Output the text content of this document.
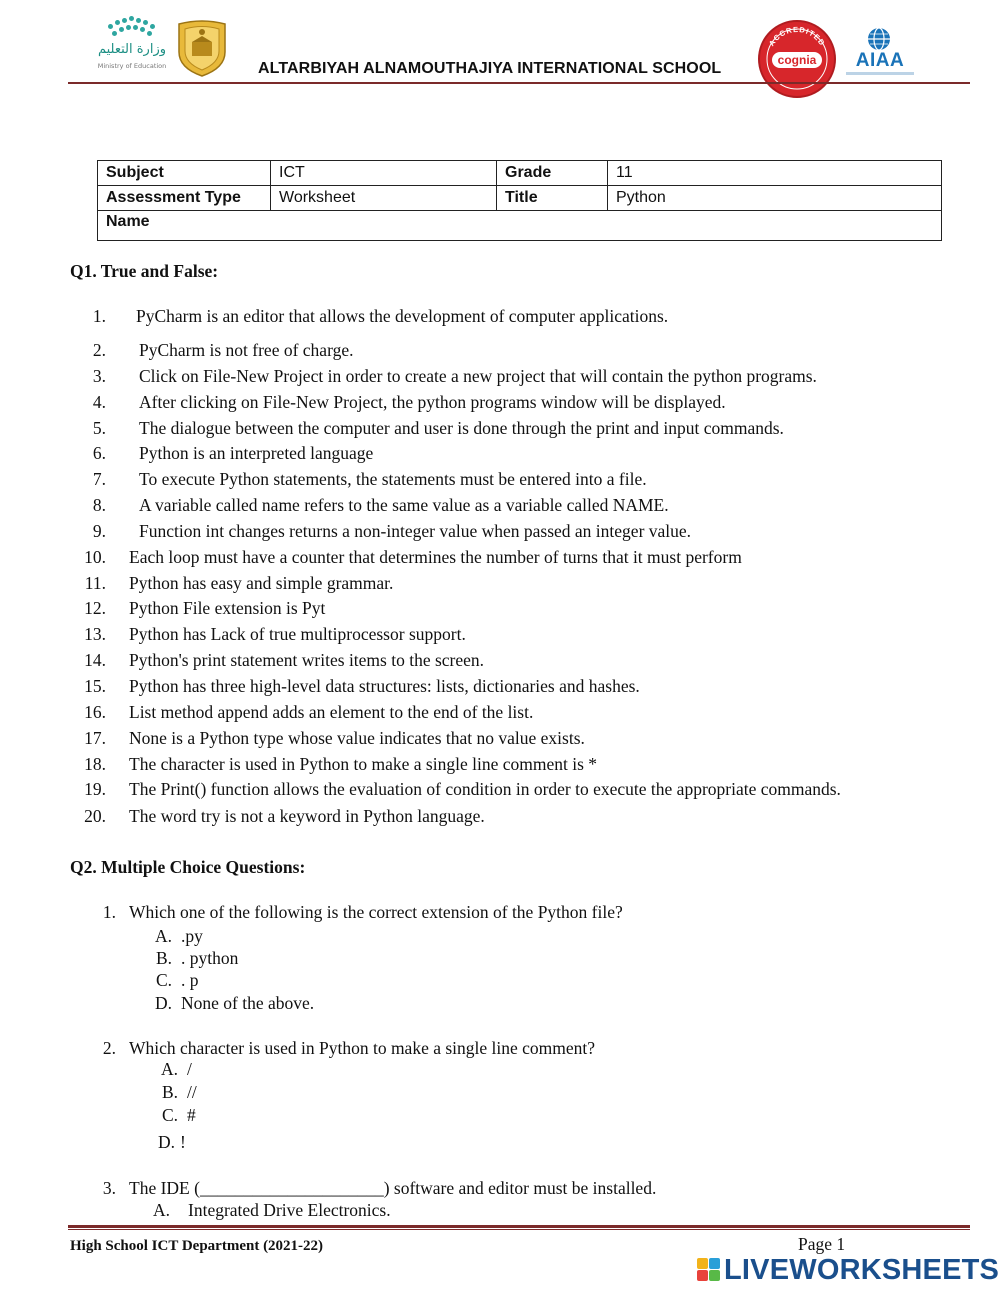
وزارة التعليم
Ministry of Education	ALTARBIYAH ALNAMOUTHAJIYA INTERNATIONAL SCHOOL
ACCREDITED
cognia	AIAA
Subject	ICT	Grade	11
Assessment Type	Worksheet	Title	Python
Name			
Q1. True and False:
1. PyCharm is an editor that allows the development of computer applications.
2. PyCharm is not free of charge.
3. Click on File-New Project in order to create a new project that will contain the python programs.
4. After clicking on File-New Project, the python programs window will be displayed.
5. The dialogue between the computer and user is done through the print and input commands.
6. Python is an interpreted language
7. To execute Python statements, the statements must be entered into a file.
8. A variable called name refers to the same value as a variable called NAME.
9. Function int changes returns a non-integer value when passed an integer value.
10. Each loop must have a counter that determines the number of turns that it must perform
11. Python has easy and simple grammar.
12. Python File extension is Pyt
13. Python has Lack of true multiprocessor support.
14. Python's print statement writes items to the screen.
15. Python has three high-level data structures: lists, dictionaries and hashes.
16. List method append adds an element to the end of the list.
17. None is a Python type whose value indicates that no value exists.
18. The character is used in Python to make a single line comment is *
19. The Print() function allows the evaluation of condition in order to execute the appropriate commands.
20. The word try is not a keyword in Python language.
Q2. Multiple Choice Questions:
1. Which one of the following is the correct extension of the Python file?
A. .py
B. . python
C. . p
D. None of the above.
2. Which character is used in Python to make a single line comment?
A. /
B. //
C. #
D. !
3. The IDE (_____________________) software and editor must be installed.
A. Integrated Drive Electronics.
High School ICT Department (2021-22)	Page 1
LIVEWORKSHEETS
